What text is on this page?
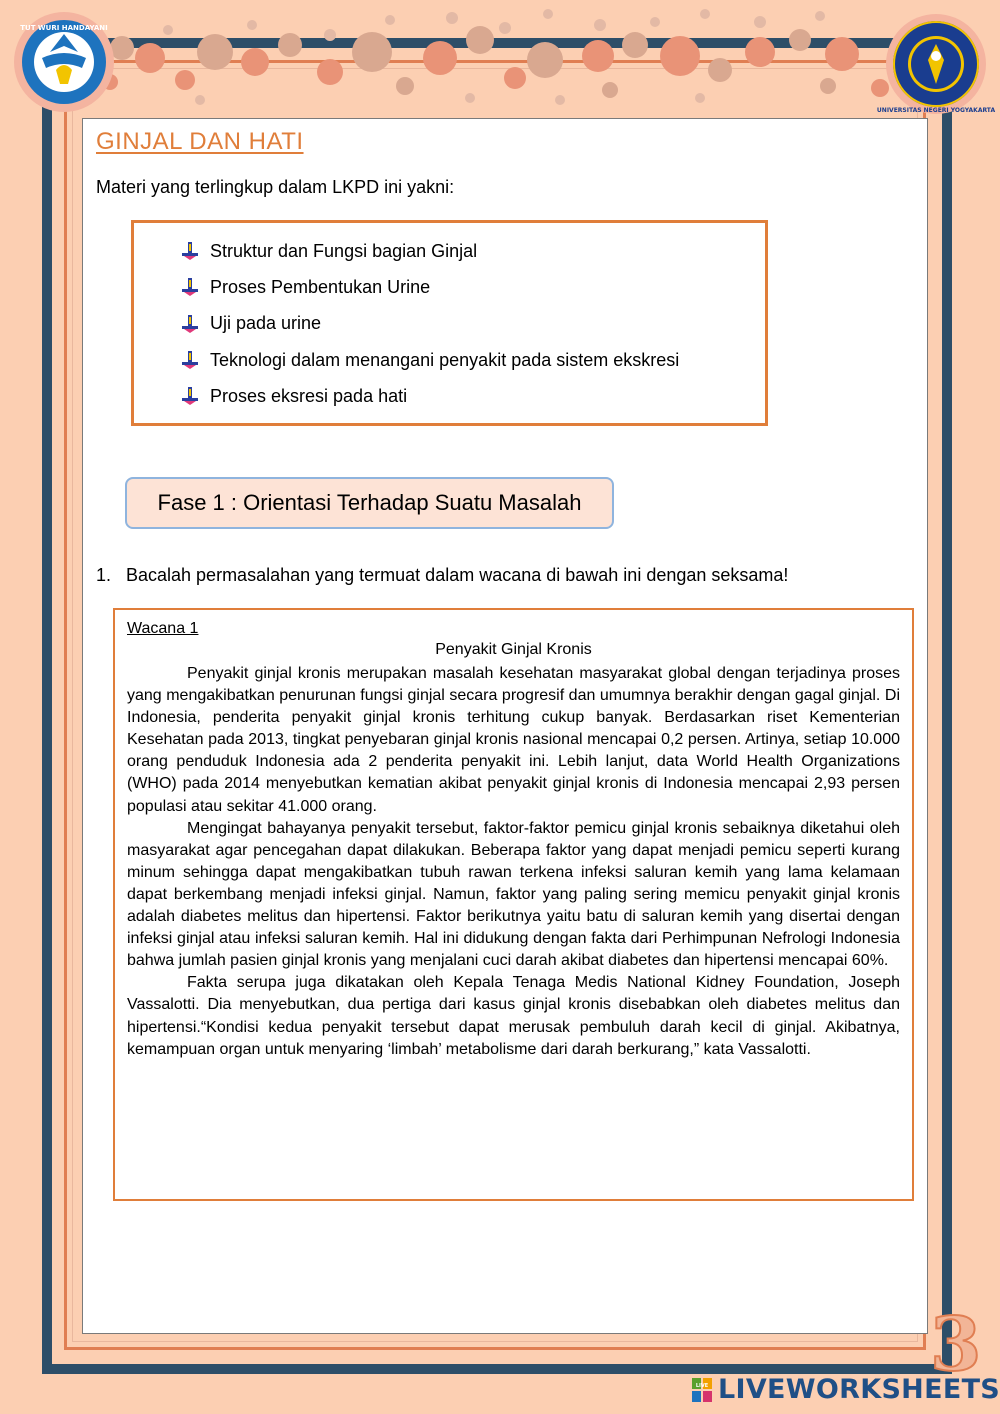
TUT WURI HANDAYANI
UNIVERSITAS NEGERI YOGYAKARTA
GINJAL DAN HATI
Materi yang terlingkup dalam LKPD ini yakni:
Struktur dan Fungsi bagian Ginjal
Proses Pembentukan Urine
Uji pada urine
Teknologi dalam menangani penyakit pada sistem ekskresi
Proses eksresi pada hati
Fase 1 : Orientasi Terhadap Suatu Masalah
1. Bacalah permasalahan yang termuat dalam wacana di bawah ini dengan seksama!
Wacana 1
Penyakit Ginjal Kronis

Penyakit ginjal kronis merupakan masalah kesehatan masyarakat global dengan terjadinya proses yang mengakibatkan penurunan fungsi ginjal secara progresif dan umumnya berakhir dengan gagal ginjal. Di Indonesia, penderita penyakit ginjal kronis terhitung cukup banyak. Berdasarkan riset Kementerian Kesehatan pada 2013, tingkat penyebaran ginjal kronis nasional mencapai 0,2 persen. Artinya, setiap 10.000 orang penduduk Indonesia ada 2 penderita penyakit ini. Lebih lanjut, data World Health Organizations (WHO) pada 2014 menyebutkan kematian akibat penyakit ginjal kronis di Indonesia mencapai 2,93 persen populasi atau sekitar 41.000 orang.

Mengingat bahayanya penyakit tersebut, faktor-faktor pemicu ginjal kronis sebaiknya diketahui oleh masyarakat agar pencegahan dapat dilakukan. Beberapa faktor yang dapat menjadi pemicu seperti kurang minum sehingga dapat mengakibatkan tubuh rawan terkena infeksi saluran kemih yang lama kelamaan dapat berkembang menjadi infeksi ginjal. Namun, faktor yang paling sering memicu penyakit ginjal kronis adalah diabetes melitus dan hipertensi. Faktor berikutnya yaitu batu di saluran kemih yang disertai dengan infeksi ginjal atau infeksi saluran kemih. Hal ini didukung dengan fakta dari Perhimpunan Nefrologi Indonesia bahwa jumlah pasien ginjal kronis yang menjalani cuci darah akibat diabetes dan hipertensi mencapai 60%.

Fakta serupa juga dikatakan oleh Kepala Tenaga Medis National Kidney Foundation, Joseph Vassalotti. Dia menyebutkan, dua pertiga dari kasus ginjal kronis disebabkan oleh diabetes melitus dan hipertensi.“Kondisi kedua penyakit tersebut dapat merusak pembuluh darah kecil di ginjal. Akibatnya, kemampuan organ untuk menyaring ‘limbah’ metabolisme dari darah berkurang,” kata Vassalotti.

3
LIVE LIVEWORKSHEETS
